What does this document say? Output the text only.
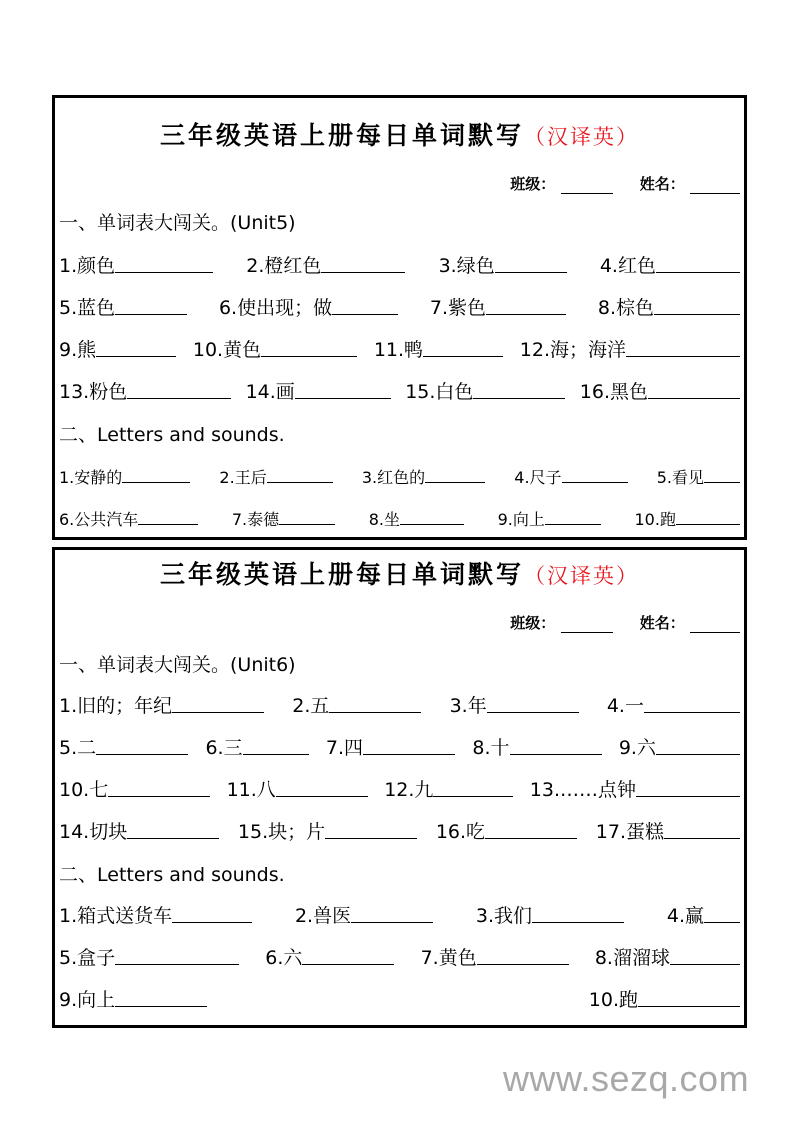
三年级英语上册每日单词默写（汉译英）
班级：	姓名：
一、单词表大闯关。(Unit5)
1.颜色	2.橙红色	3.绿色	4.红色
5.蓝色	6.使出现；做	7.紫色	8.棕色
9.熊	10.黄色	11.鸭	12.海；海洋
13.粉色	14.画	15.白色	16.黑色
二、Letters and sounds.
1.安静的	2.王后	3.红色的	4.尺子	5.看见
6.公共汽车	7.泰德	8.坐	9.向上	10.跑
三年级英语上册每日单词默写（汉译英）
班级：	姓名：
一、单词表大闯关。(Unit6)
1.旧的；年纪	2.五	3.年	4.一
5.二	6.三	7.四	8.十	9.六
10.七	11.八	12.九	13.……点钟
14.切块	15.块；片	16.吃	17.蛋糕
二、Letters and sounds.
1.箱式送货车	2.兽医	3.我们	4.赢
5.盒子	6.六	7.黄色	8.溜溜球
9.向上	10.跑
www.sezq.com
